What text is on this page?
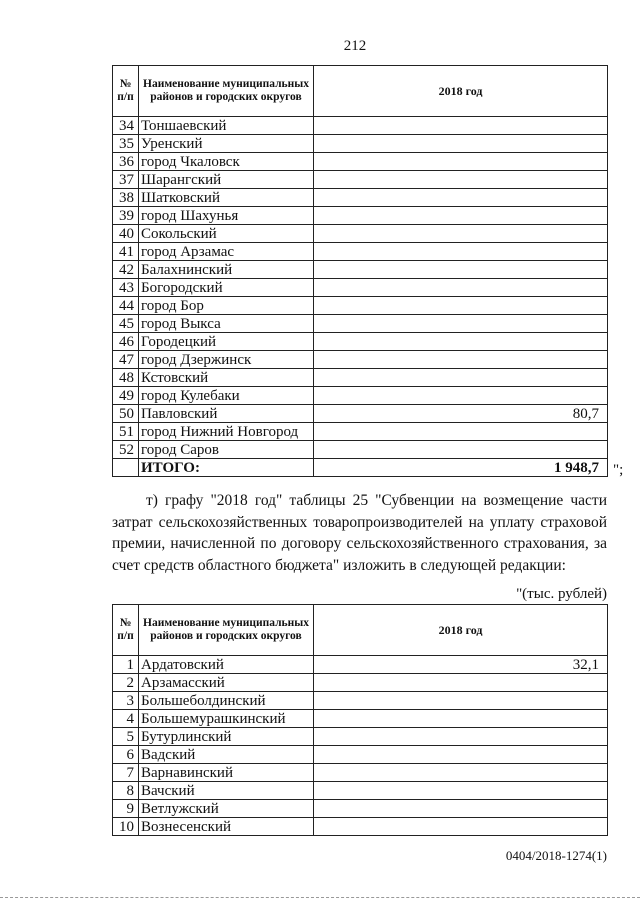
212
№ п/п	Наименование муниципальных районов и городских округов	2018 год
34	Тоншаевский	
35	Уренский	
36	город Чкаловск	
37	Шарангский	
38	Шатковский	
39	город Шахунья	
40	Сокольский	
41	город Арзамас	
42	Балахнинский	
43	Богородский	
44	город Бор	
45	город Выкса	
46	Городецкий	
47	город Дзержинск	
48	Кстовский	
49	город Кулебаки	
50	Павловский	80,7
51	город Нижний Новгород	
52	город Саров	
	ИТОГО:	1 948,7 ";
т) графу "2018 год" таблицы 25 "Субвенции на возмещение части затрат сельскохозяйственных товаропроизводителей на уплату страховой премии, начисленной по договору сельскохозяйственного страхования, за счет средств областного бюджета" изложить в следующей редакции:
"(тыс. рублей)
№ п/п	Наименование муниципальных районов и городских округов	2018 год
1	Ардатовский	32,1
2	Арзамасский	
3	Большеболдинский	
4	Большемурашкинский	
5	Бутурлинский	
6	Вадский	
7	Варнавинский	
8	Вачский	
9	Ветлужский	
10	Вознесенский	
0404/2018-1274(1)
